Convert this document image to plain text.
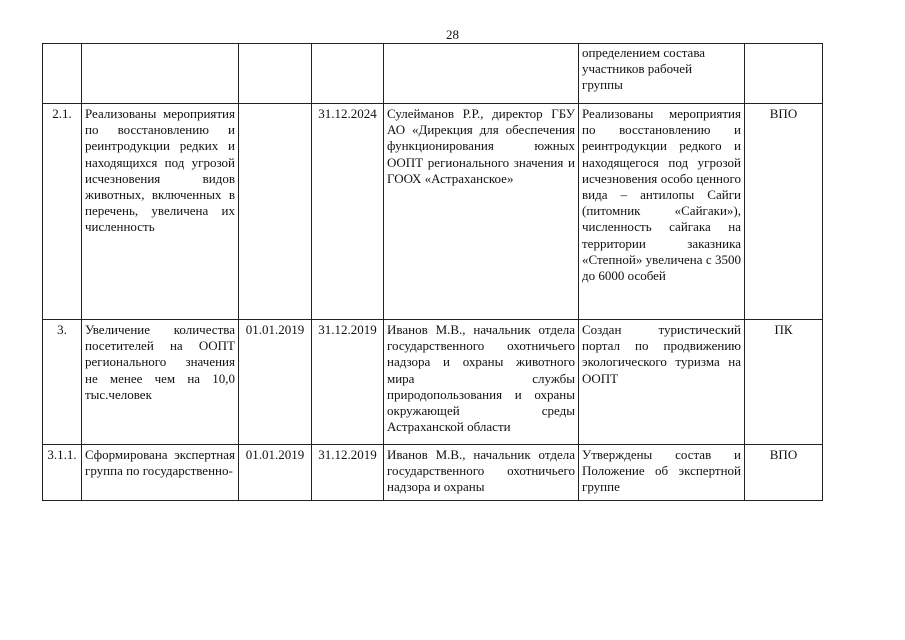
28
					определением состава
участников рабочей
группы	
2.1.	Реализованы мероприятия по восстановлению и реинтродукции редких и находящихся под угрозой исчезновения видов животных, включенных в перечень, увеличена их численность		31.12.2024	Сулейманов Р.Р., директор ГБУ АО «Дирекция для обеспечения функционирования южных ООПТ регионального значения и ГООХ «Астраханское»	Реализованы мероприятия по восстановлению и реинтродукции редкого и находящегося под угрозой исчезновения особо ценного вида – антилопы Сайги (питомник «Сайгаки»), численность сайгака на территории заказника «Степной» увеличена с 3500 до 6000 особей	ВПО
3.	Увеличение количества посетителей на ООПТ регионального значения не менее чем на 10,0 тыс.человек	01.01.2019	31.12.2019	Иванов М.В., начальник отдела государственного охотничьего надзора и охраны животного мира службы природопользования и охраны окружающей среды Астраханской области	Создан туристический портал по продвижению экологического туризма на ООПТ	ПК
3.1.1.	Сформирована экспертная группа по государственно-	01.01.2019	31.12.2019	Иванов М.В., начальник отдела государственного охотничьего надзора и охраны	Утверждены состав и Положение об экспертной группе	ВПО
